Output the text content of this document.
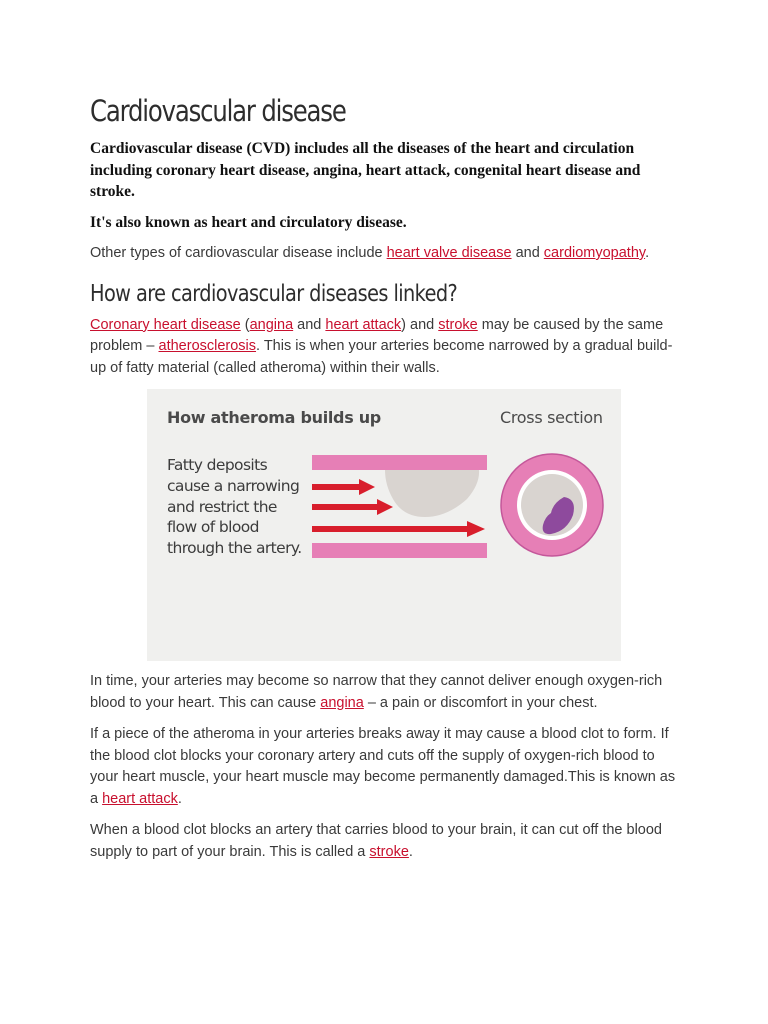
Cardiovascular disease

Cardiovascular disease (CVD) includes all the diseases of the heart and circulation including coronary heart disease, angina, heart attack, congenital heart disease and stroke.

It's also known as heart and circulatory disease.

Other types of cardiovascular disease include heart valve disease and cardiomyopathy.

How are cardiovascular diseases linked?

Coronary heart disease (angina and heart attack) and stroke may be caused by the same problem – atherosclerosis. This is when your arteries become narrowed by a gradual build-up of fatty material (called atheroma) within their walls.

How atheroma builds up	Cross section
Fatty deposits cause a narrowing and restrict the flow of blood through the artery.

In time, your arteries may become so narrow that they cannot deliver enough oxygen-rich blood to your heart. This can cause angina – a pain or discomfort in your chest.

If a piece of the atheroma in your arteries breaks away it may cause a blood clot to form. If the blood clot blocks your coronary artery and cuts off the supply of oxygen-rich blood to your heart muscle, your heart muscle may become permanently damaged.This is known as a heart attack.

When a blood clot blocks an artery that carries blood to your brain, it can cut off the blood supply to part of your brain. This is called a stroke.
